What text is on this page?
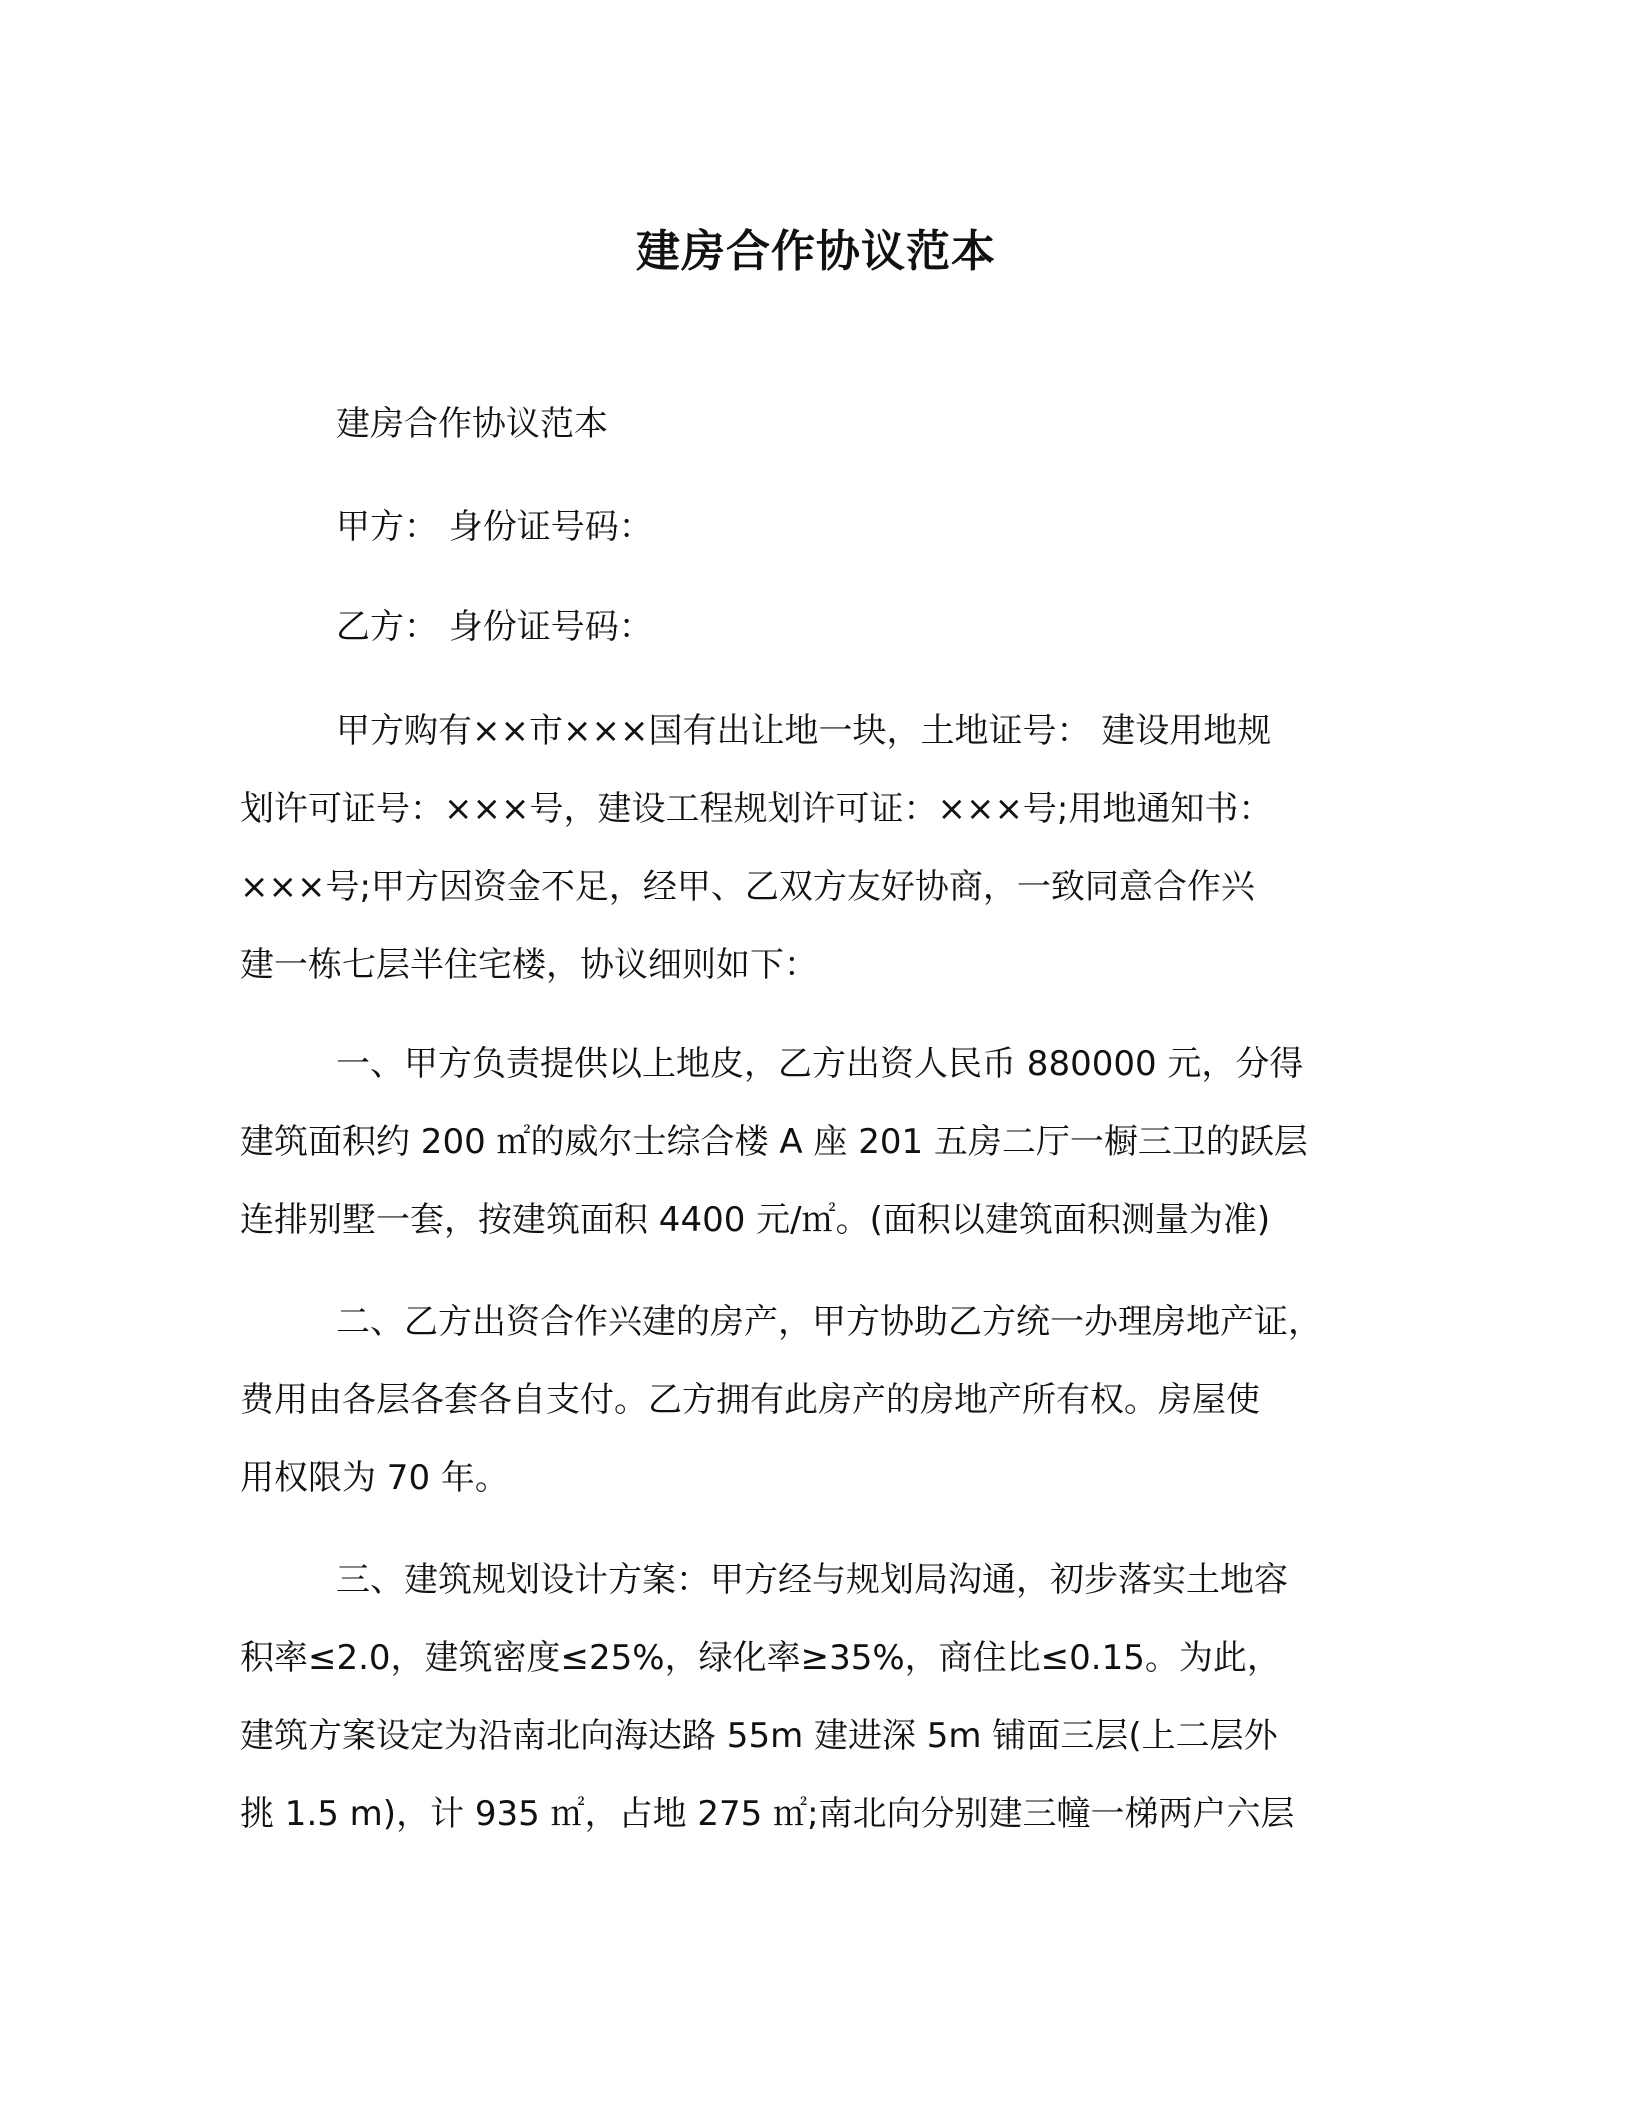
建房合作协议范本
建房合作协议范本
甲方： 身份证号码：
乙方： 身份证号码：
甲方购有××市×××国有出让地一块，土地证号： 建设用地规
划许可证号：×××号，建设工程规划许可证：×××号;用地通知书：
×××号;甲方因资金不足，经甲、乙双方友好协商，一致同意合作兴
建一栋七层半住宅楼，协议细则如下：
一、甲方负责提供以上地皮，乙方出资人民币 880000 元，分得
建筑面积约 200 ㎡的威尔士综合楼 A 座 201 五房二厅一橱三卫的跃层
连排别墅一套，按建筑面积 4400 元/㎡。(面积以建筑面积测量为准)
二、乙方出资合作兴建的房产，甲方协助乙方统一办理房地产证，
费用由各层各套各自支付。乙方拥有此房产的房地产所有权。房屋使
用权限为 70 年。
三、建筑规划设计方案：甲方经与规划局沟通，初步落实土地容
积率≤2.0，建筑密度≤25%，绿化率≥35%，商住比≤0.15。为此，
建筑方案设定为沿南北向海达路 55m 建进深 5m 铺面三层(上二层外
挑 1.5 m)，计 935 ㎡，占地 275 ㎡;南北向分别建三幢一梯两户六层
